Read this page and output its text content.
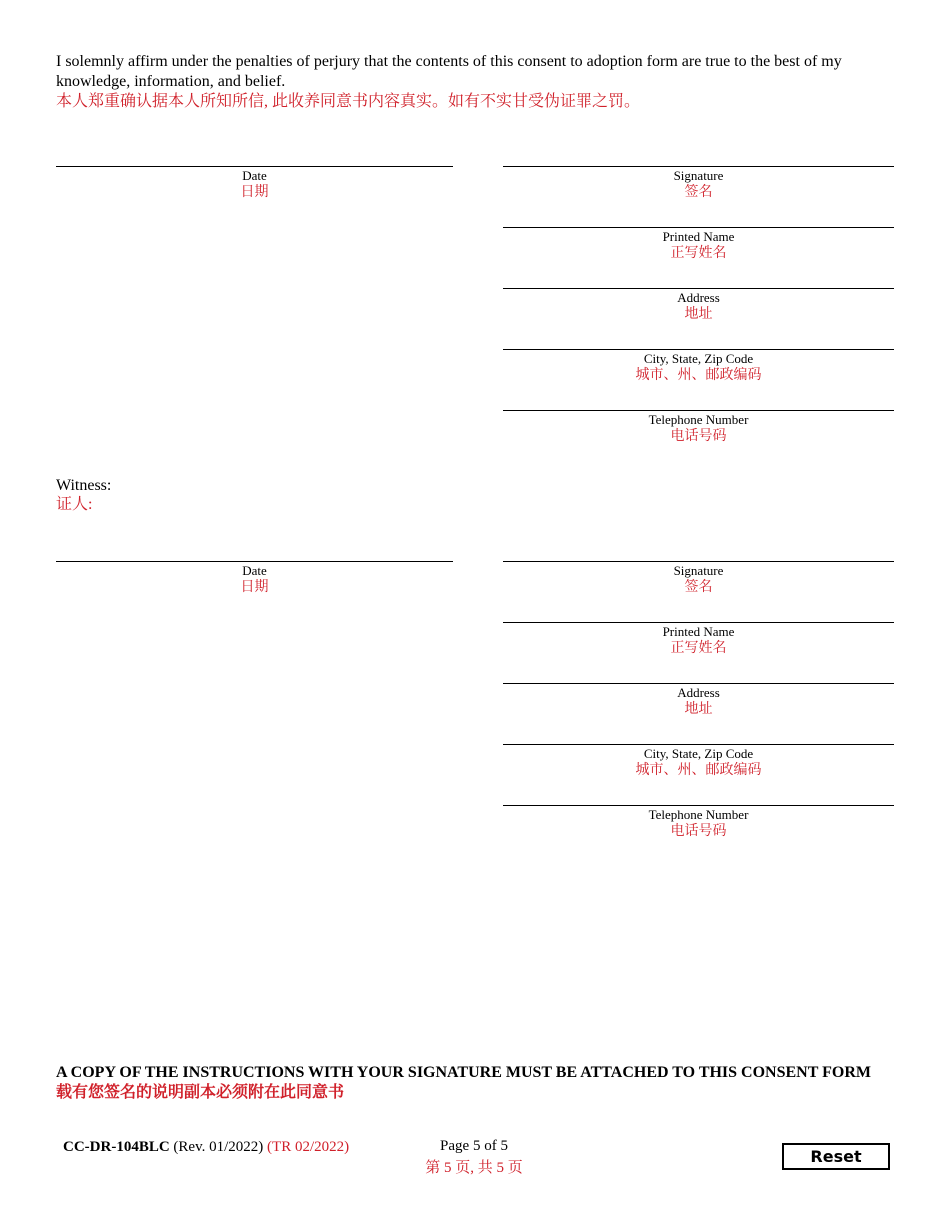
I solemnly affirm under the penalties of perjury that the contents of this consent to adoption form are true to the best of my knowledge, information, and belief.
本人郑重确认据本人所知所信, 此收养同意书内容真实。如有不实甘受伪证罪之罚。
Date
日期
Signature
签名
Printed Name
正写姓名
Address
地址
City, State, Zip Code
城市、州、邮政编码
Telephone Number
电话号码
Witness:
证人:
Date
日期
Signature
签名
Printed Name
正写姓名
Address
地址
City, State, Zip Code
城市、州、邮政编码
Telephone Number
电话号码
A COPY OF THE INSTRUCTIONS WITH YOUR SIGNATURE MUST BE ATTACHED TO THIS CONSENT FORM
载有您签名的说明副本必须附在此同意书
CC-DR-104BLC (Rev. 01/2022) (TR 02/2022)	Page 5 of 5
第 5 页, 共 5 页
Reset
